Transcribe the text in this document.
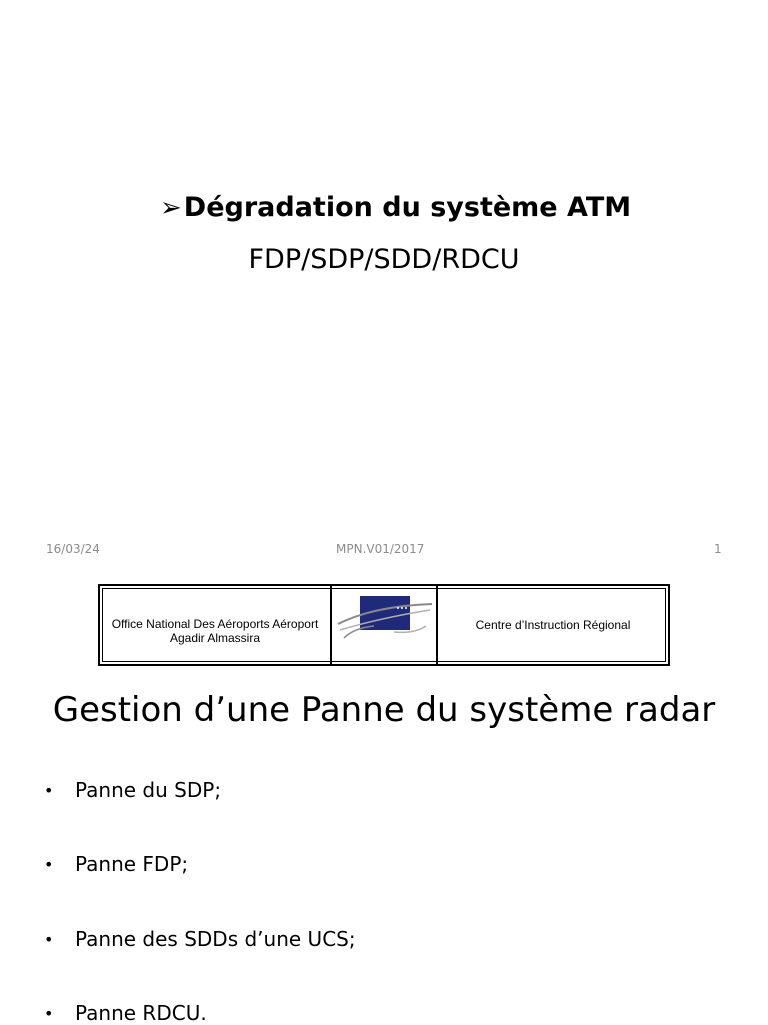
➢ Dégradation du système ATM
FDP/SDP/SDD/RDCU
16/03/24	MPN.V01/2017	1
Office National Des Aéroports Aéroport
Agadir Almassira
Centre d’Instruction Régional
Gestion d’une Panne du système radar
•	Panne du SDP;
•	Panne FDP;
•	Panne des SDDs d’une UCS;
•	Panne RDCU.
